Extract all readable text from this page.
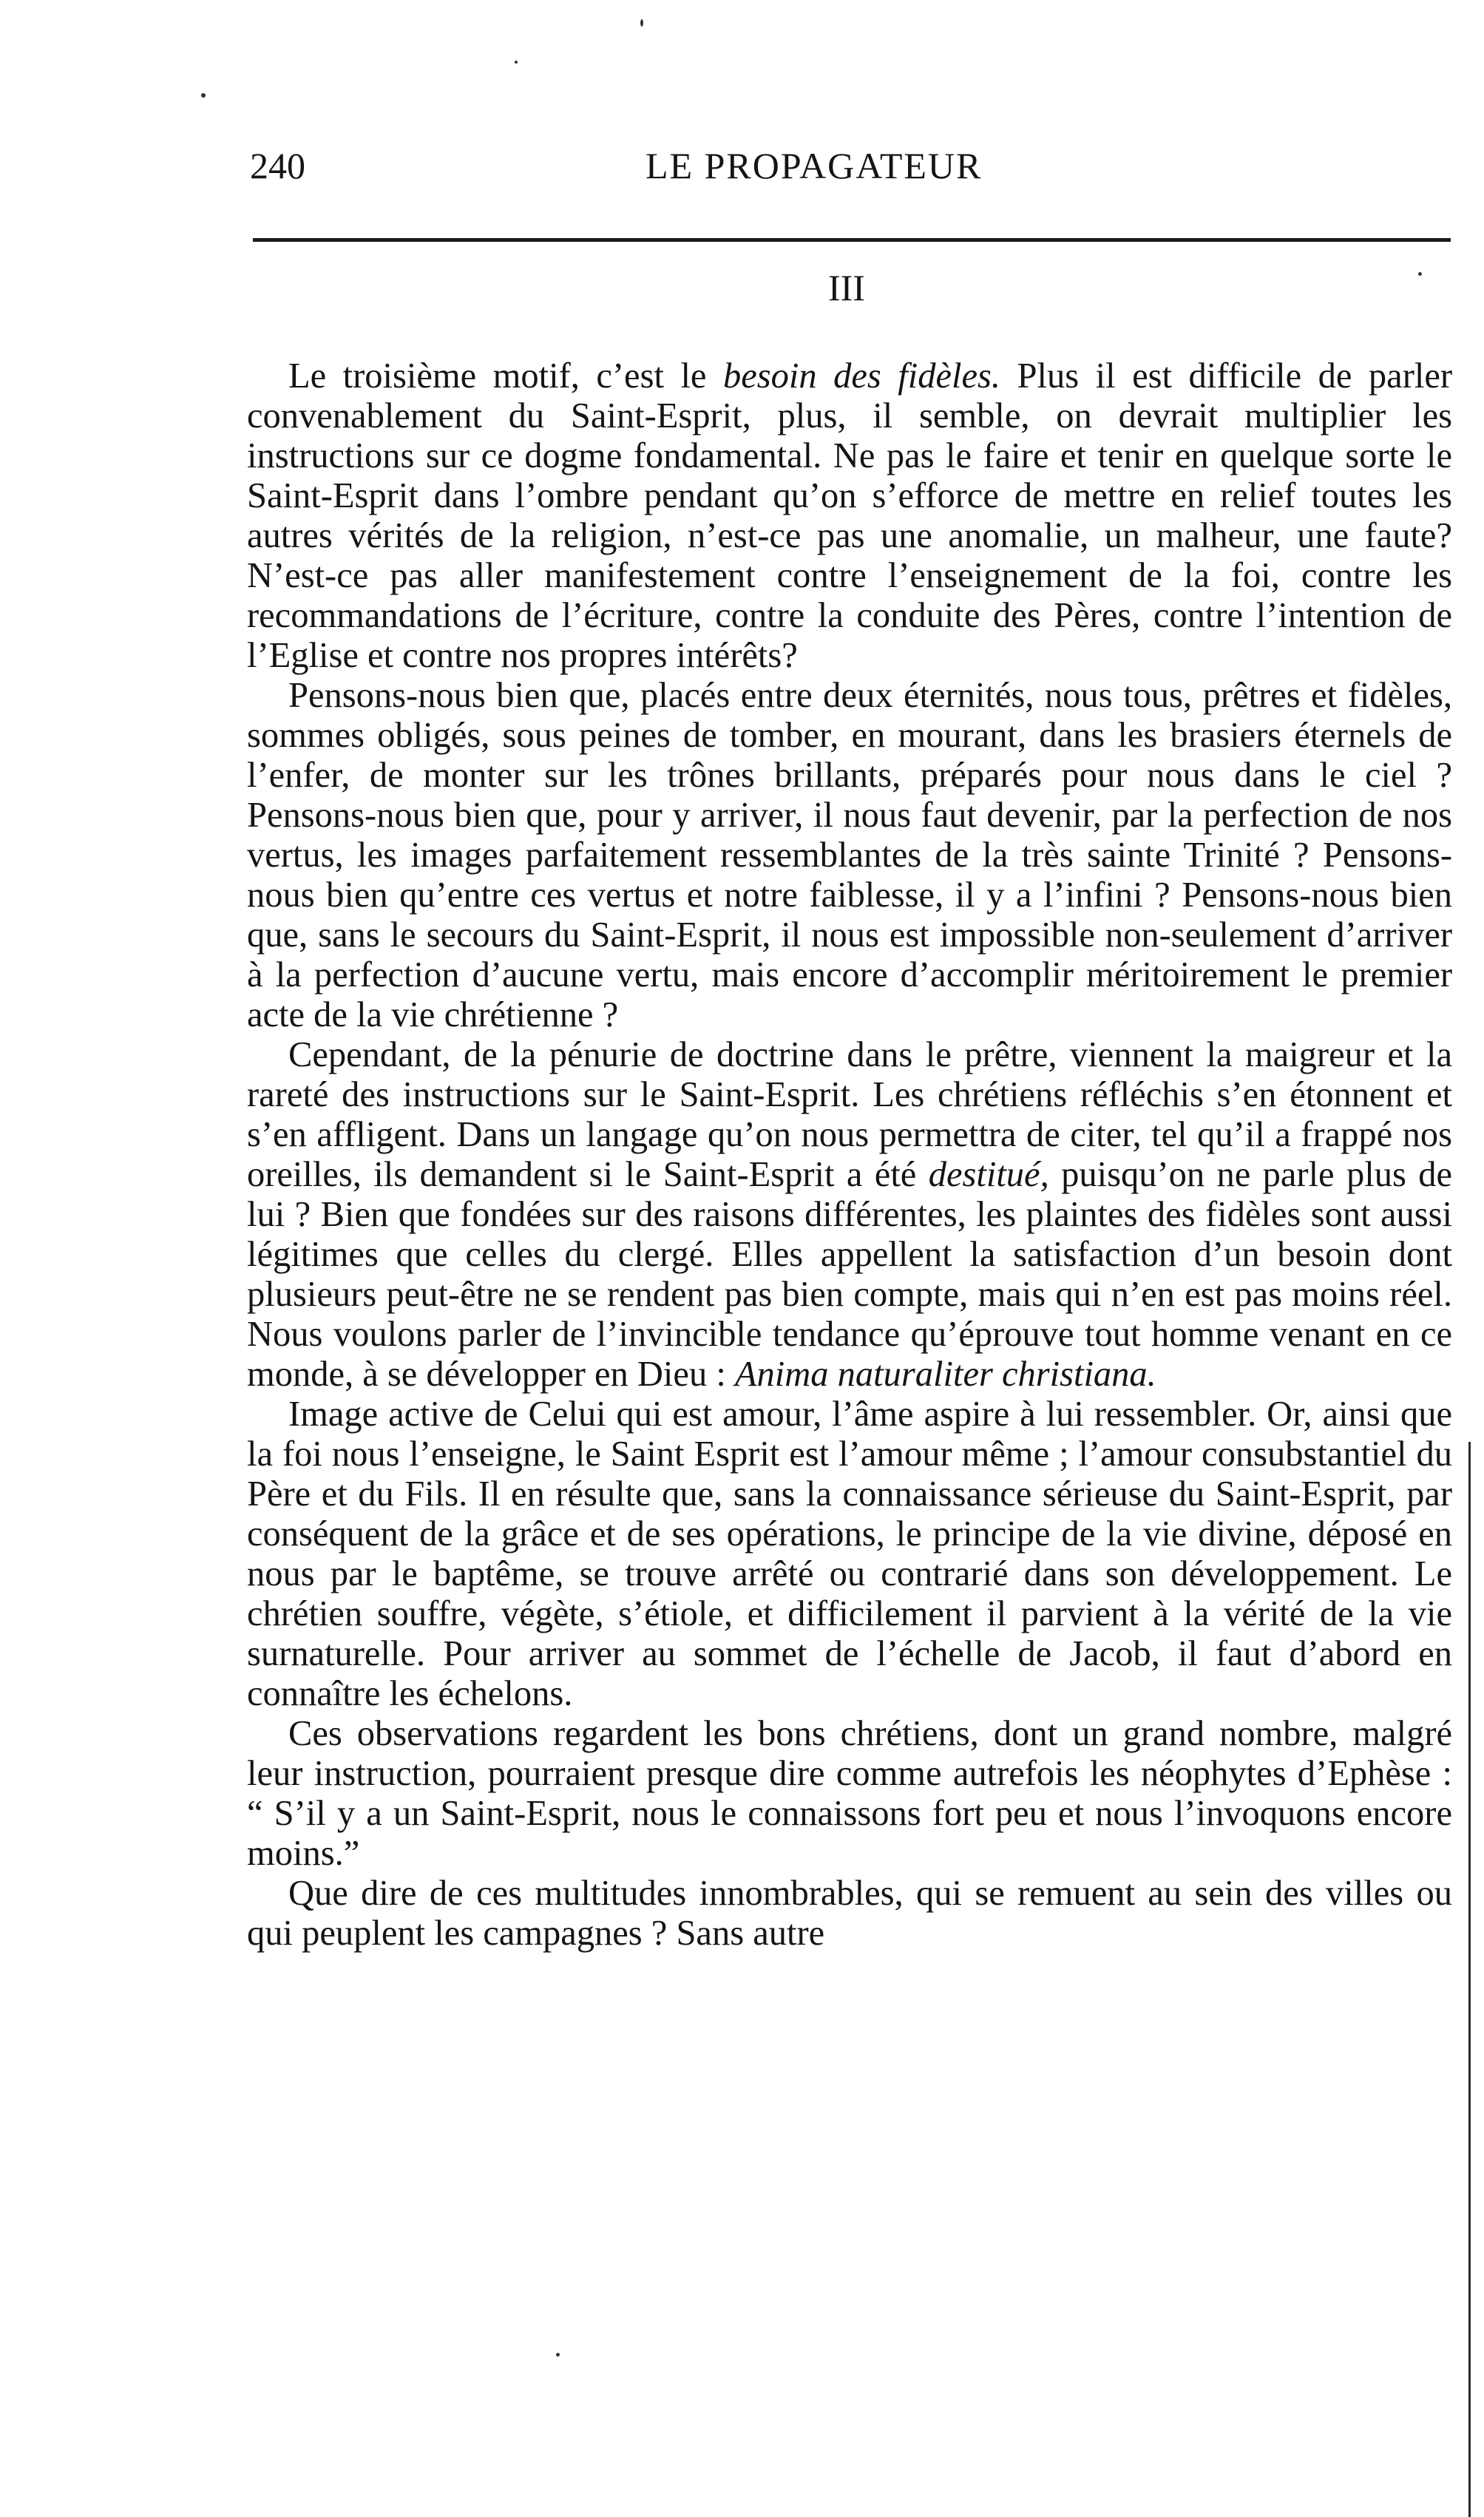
240	LE PROPAGATEUR
III

Le troisième motif, c’est le besoin des fidèles. Plus il est difficile de parler convenablement du Saint-Esprit, plus, il semble, on devrait multiplier les instructions sur ce dogme fondamental. Ne pas le faire et tenir en quelque sorte le Saint-Esprit dans l’ombre pendant qu’on s’efforce de mettre en relief toutes les autres vérités de la religion, n’est-ce pas une anomalie, un malheur, une faute? N’est-ce pas aller manifestement contre l’enseignement de la foi, contre les recommandations de l’écriture, contre la conduite des Pères, contre l’intention de l’Eglise et contre nos propres intérêts?

Pensons-nous bien que, placés entre deux éternités, nous tous, prêtres et fidèles, sommes obligés, sous peines de tomber, en mourant, dans les brasiers éternels de l’enfer, de monter sur les trônes brillants, préparés pour nous dans le ciel ? Pensons-nous bien que, pour y arriver, il nous faut devenir, par la perfection de nos vertus, les images parfaitement ressemblantes de la très sainte Trinité ? Pensons-nous bien qu’entre ces vertus et notre faiblesse, il y a l’infini ? Pensons-nous bien que, sans le secours du Saint-Esprit, il nous est impossible non-seulement d’arriver à la perfection d’aucune vertu, mais encore d’accomplir méritoirement le premier acte de la vie chrétienne ?

Cependant, de la pénurie de doctrine dans le prêtre, viennent la maigreur et la rareté des instructions sur le Saint-Esprit. Les chrétiens réfléchis s’en étonnent et s’en affligent. Dans un langage qu’on nous permettra de citer, tel qu’il a frappé nos oreilles, ils demandent si le Saint-Esprit a été destitué, puisqu’on ne parle plus de lui ? Bien que fondées sur des raisons différentes, les plaintes des fidèles sont aussi légitimes que celles du clergé. Elles appellent la satisfaction d’un besoin dont plusieurs peut-être ne se rendent pas bien compte, mais qui n’en est pas moins réel. Nous voulons parler de l’invincible tendance qu’éprouve tout homme venant en ce monde, à se développer en Dieu : Anima naturaliter christiana.

Image active de Celui qui est amour, l’âme aspire à lui ressembler. Or, ainsi que la foi nous l’enseigne, le Saint Esprit est l’amour même ; l’amour consubstantiel du Père et du Fils. Il en résulte que, sans la connaissance sérieuse du Saint-Esprit, par conséquent de la grâce et de ses opérations, le principe de la vie divine, déposé en nous par le baptême, se trouve arrêté ou contrarié dans son développement. Le chrétien souffre, végète, s’étiole, et difficilement il parvient à la vérité de la vie surnaturelle. Pour arriver au sommet de l’échelle de Jacob, il faut d’abord en connaître les échelons.

Ces observations regardent les bons chrétiens, dont un grand nombre, malgré leur instruction, pourraient presque dire comme autrefois les néophytes d’Ephèse : “ S’il y a un Saint-Esprit, nous le connaissons fort peu et nous l’invoquons encore moins.”

Que dire de ces multitudes innombrables, qui se remuent au sein des villes ou qui peuplent les campagnes ? Sans autre
